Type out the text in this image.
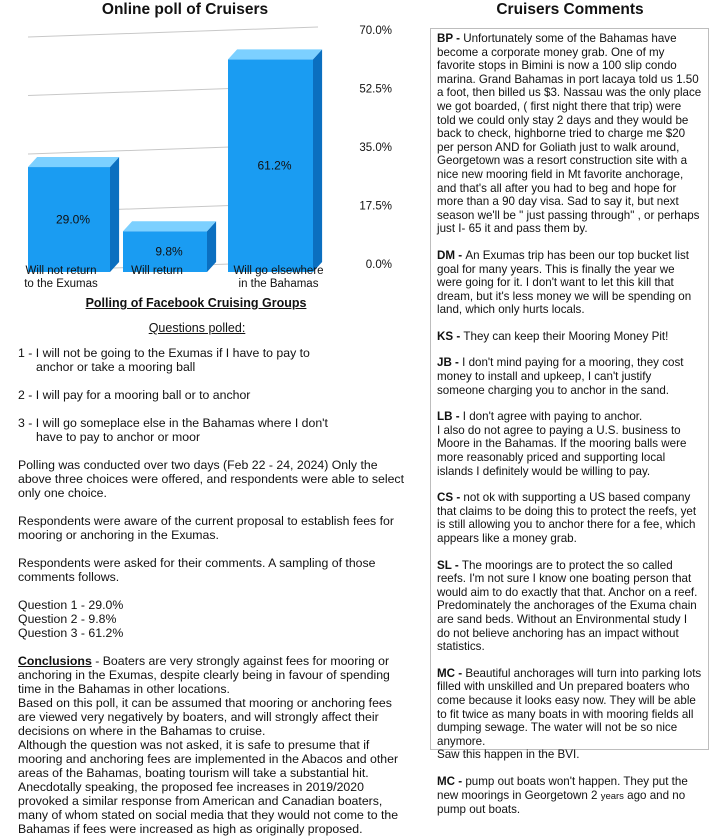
Online poll of Cruisers
0.0%
17.5%
35.0%
52.5%
70.0%
29.0%
Will not return
to the Exumas
9.8%
Will return
61.2%
Will go elsewhere
in the Bahamas
Polling of Facebook Cruising Groups
Questions polled:
1 - I will not be going to the Exumas if I have to pay to
anchor or take a mooring ball
2 - I will pay for a mooring ball or to anchor
3 - I will go someplace else in the Bahamas where I don't
have to pay to anchor or moor
Polling was conducted over two days (Feb 22 - 24, 2024) Only the above three choices were offered, and respondents were able to select only one choice.
Respondents were aware of the current proposal to establish fees for mooring or anchoring in the Exumas.
Respondents were asked for their comments. A sampling of those comments follows.
Question 1 - 29.0%
Question 2 - 9.8%
Question 3 - 61.2%
Conclusions - Boaters are very strongly against fees for mooring or anchoring in the Exumas, despite clearly being in favour of spending time in the Bahamas in other locations.
Based on this poll, it can be assumed that mooring or anchoring fees are viewed very negatively by boaters, and will strongly affect their decisions on where in the Bahamas to cruise.
Although the question was not asked, it is safe to presume that if mooring and anchoring fees are implemented in the Abacos and other areas of the Bahamas, boating tourism will take a substantial hit.
Anecdotally speaking, the proposed fee increases in 2019/2020 provoked a similar response from American and Canadian boaters, many of whom stated on social media that they would not come to the Bahamas if fees were increased as high as originally proposed.
Cruisers Comments

BP - Unfortunately some of the Bahamas have become a corporate money grab. One of my favorite stops in Bimini is now a 100 slip condo marina. Grand Bahamas in port lacaya told us 1.50 a foot, then billed us $3. Nassau was the only place we got boarded, ( first night there that trip) were told we could only stay 2 days and they would be back to check, highborne tried to charge me $20 per person AND for Goliath just to walk around, Georgetown was a resort construction site with a nice new mooring field in Mt favorite anchorage, and that's all after you had to beg and hope for more than a 90 day visa. Sad to say it, but next season we'll be " just passing through" , or perhaps just I- 65 it and pass them by.

DM - An Exumas trip has been our top bucket list goal for many years. This is finally the year we were going for it. I don't want to let this kill that dream, but it's less money we will be spending on land, which only hurts locals.

KS - They can keep their Mooring Money Pit!

JB - I don't mind paying for a mooring, they cost money to install and upkeep, I can't justify someone charging you to anchor in the sand.

LB - I don't agree with paying to anchor.
I also do not agree to paying a U.S. business to Moore in the Bahamas. If the mooring balls were more reasonably priced and supporting local islands I definitely would be willing to pay.

CS - not ok with supporting a US based company that claims to be doing this to protect the reefs, yet is still allowing you to anchor there for a fee, which appears like a money grab.

SL - The moorings are to protect the so called reefs. I'm not sure I know one boating person that would aim to do exactly that that. Anchor on a reef. Predominately the anchorages of the Exuma chain are sand beds. Without an Environmental study I do not believe anchoring has an impact without statistics.

MC - Beautiful anchorages will turn into parking lots filled with unskilled and Un prepared boaters who come because it looks easy now. They will be able to fit twice as many boats in with mooring fields all dumping sewage. The water will not be so nice anymore.
Saw this happen in the BVI.

MC - pump out boats won't happen. They put the new moorings in Georgetown 2 years ago and no pump out boats.
